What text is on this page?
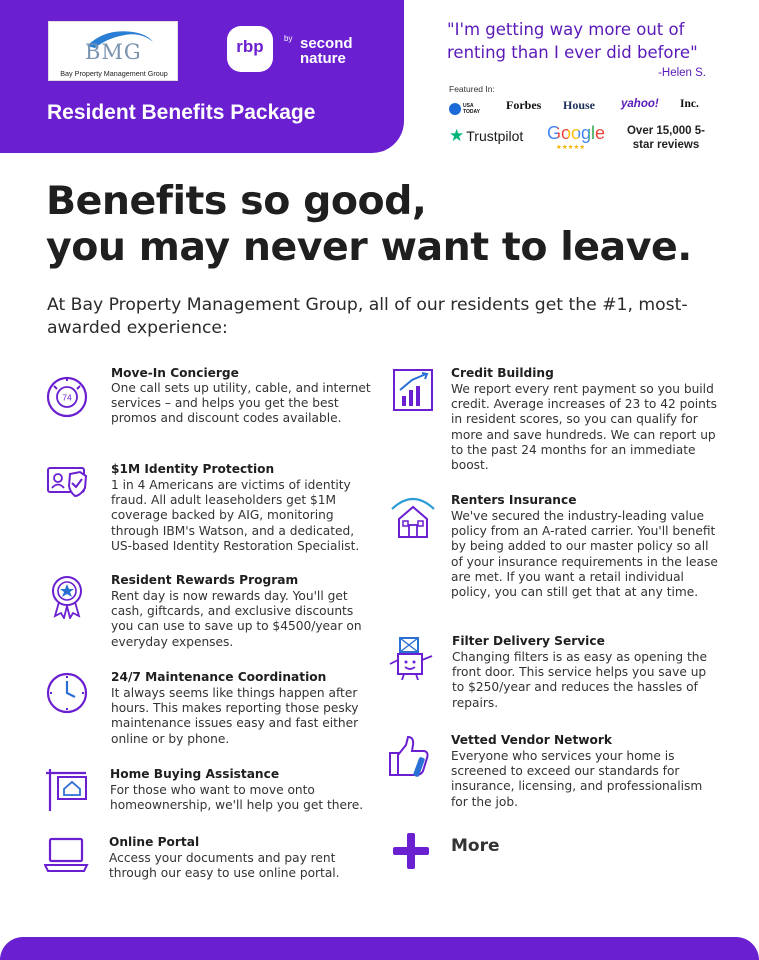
BMG
Bay Property Management Group
rbp	by second nature
Resident Benefits Package
"I'm getting way more out of renting than I ever did before"
-Helen S.
Featured In:
USA TODAY Forbes House yahoo! Inc.
★ Trustpilot Google
★★★★★
Over 15,000 5-star reviews
Benefits so good,
you may never want to leave.
At Bay Property Management Group, all of our residents get the #1, most-awarded experience:
74
Move-In Concierge
One call sets up utility, cable, and internet services – and helps you get the best promos and discount codes available.
$1M Identity Protection
1 in 4 Americans are victims of identity fraud. All adult leaseholders get $1M coverage backed by AIG, monitoring through IBM's Watson, and a dedicated, US-based Identity Restoration Specialist.
Resident Rewards Program
Rent day is now rewards day. You'll get cash, giftcards, and exclusive discounts you can use to save up to $4500/year on everyday expenses.
24/7 Maintenance Coordination
It always seems like things happen after hours. This makes reporting those pesky maintenance issues easy and fast either online or by phone.
Home Buying Assistance
For those who want to move onto homeownership, we'll help you get there.
Online Portal
Access your documents and pay rent through our easy to use online portal.
Credit Building
We report every rent payment so you build credit. Average increases of 23 to 42 points in resident scores, so you can qualify for more and save hundreds. We can report up to the past 24 months for an immediate boost.
Renters Insurance
We've secured the industry-leading value policy from an A-rated carrier. You'll benefit by being added to our master policy so all of your insurance requirements in the lease are met. If you want a retail individual policy, you can still get that at any time.
Filter Delivery Service
Changing filters is as easy as opening the front door. This service helps you save up to $250/year and reduces the hassles of repairs.
Vetted Vendor Network
Everyone who services your home is screened to exceed our standards for insurance, licensing, and professionalism for the job.
More
